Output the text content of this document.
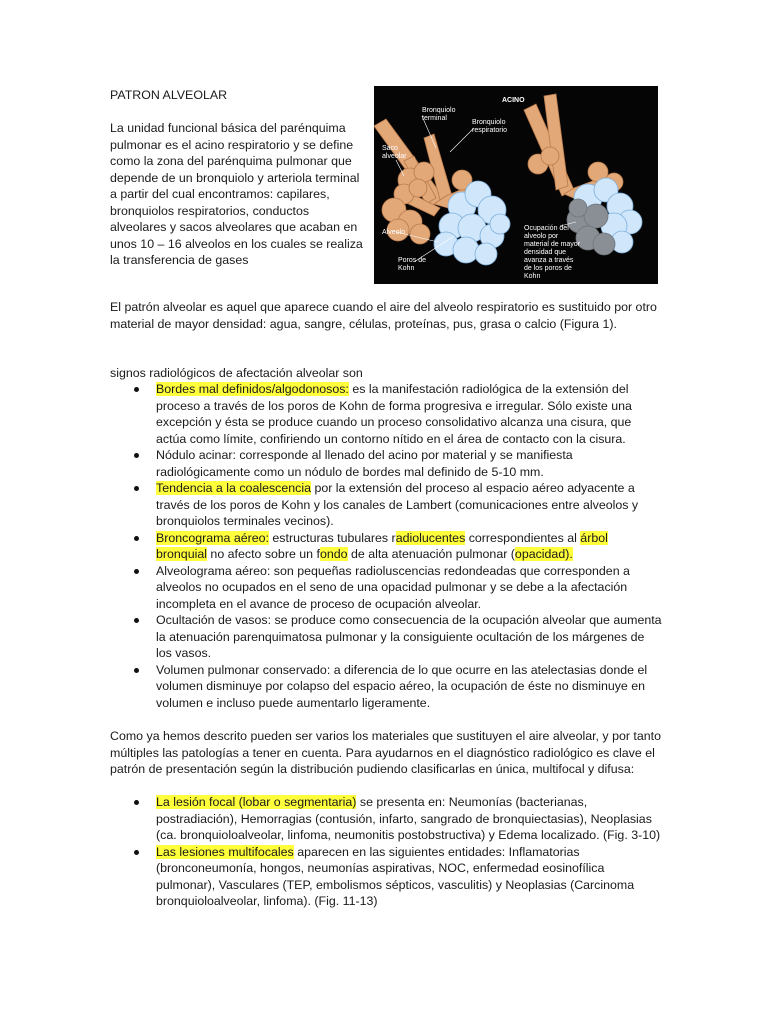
PATRON ALVEOLAR
La unidad funcional básica del parénquima pulmonar es el acino respiratorio y se define como la zona del parénquima pulmonar que depende de un bronquiolo y arteriola terminal a partir del cual encontramos: capilares, bronquiolos respiratorios, conductos alveolares y sacos alveolares que acaban en unos 10 – 16 alveolos en los cuales se realiza la transferencia de gases
ACINO
Bronquiolo
terminal
Bronquiolo
respiratorio
Saco
alveolar
Alveolo
Poros de
Kohn
Ocupación del
alveolo por
material de mayor
densidad que
avanza a través
de los poros de
Kohn
El patrón alveolar es aquel que aparece cuando el aire del alveolo respiratorio es sustituido por otro material de mayor densidad: agua, sangre, células, proteínas, pus, grasa o calcio (Figura 1).
signos radiológicos de afectación alveolar son
Bordes mal definidos/algodonosos: es la manifestación radiológica de la extensión del proceso a través de los poros de Kohn de forma progresiva e irregular. Sólo existe una excepción y ésta se produce cuando un proceso consolidativo alcanza una cisura, que actúa como límite, confiriendo un contorno nítido en el área de contacto con la cisura.
Nódulo acinar: corresponde al llenado del acino por material y se manifiesta radiológicamente como un nódulo de bordes mal definido de 5-10 mm.
Tendencia a la coalescencia por la extensión del proceso al espacio aéreo adyacente a través de los poros de Kohn y los canales de Lambert (comunicaciones entre alveolos y bronquiolos terminales vecinos).
Broncograma aéreo: estructuras tubulares radiolucentes correspondientes al árbol bronquial no afecto sobre un fondo de alta atenuación pulmonar (opacidad).
Alveolograma aéreo: son pequeñas radioluscencias redondeadas que corresponden a alveolos no ocupados en el seno de una opacidad pulmonar y se debe a la afectación incompleta en el avance de proceso de ocupación alveolar.
Ocultación de vasos: se produce como consecuencia de la ocupación alveolar que aumenta la atenuación parenquimatosa pulmonar y la consiguiente ocultación de los márgenes de los vasos.
Volumen pulmonar conservado: a diferencia de lo que ocurre en las atelectasias donde el volumen disminuye por colapso del espacio aéreo, la ocupación de éste no disminuye en volumen e incluso puede aumentarlo ligeramente.
Como ya hemos descrito pueden ser varios los materiales que sustituyen el aire alveolar, y por tanto múltiples las patologías a tener en cuenta. Para ayudarnos en el diagnóstico radiológico es clave el patrón de presentación según la distribución pudiendo clasificarlas en única, multifocal y difusa:
La lesión focal (lobar o segmentaria) se presenta en: Neumonías (bacterianas, postradiación), Hemorragias (contusión, infarto, sangrado de bronquiectasias), Neoplasias (ca. bronquioloalveolar, linfoma, neumonitis postobstructiva) y Edema localizado. (Fig. 3-10)
Las lesiones multifocales aparecen en las siguientes entidades: Inflamatorias (bronconeumonía, hongos, neumonías aspirativas, NOC, enfermedad eosinofílica pulmonar), Vasculares (TEP, embolismos sépticos, vasculitis) y Neoplasias (Carcinoma bronquioloalveolar, linfoma). (Fig. 11-13)
